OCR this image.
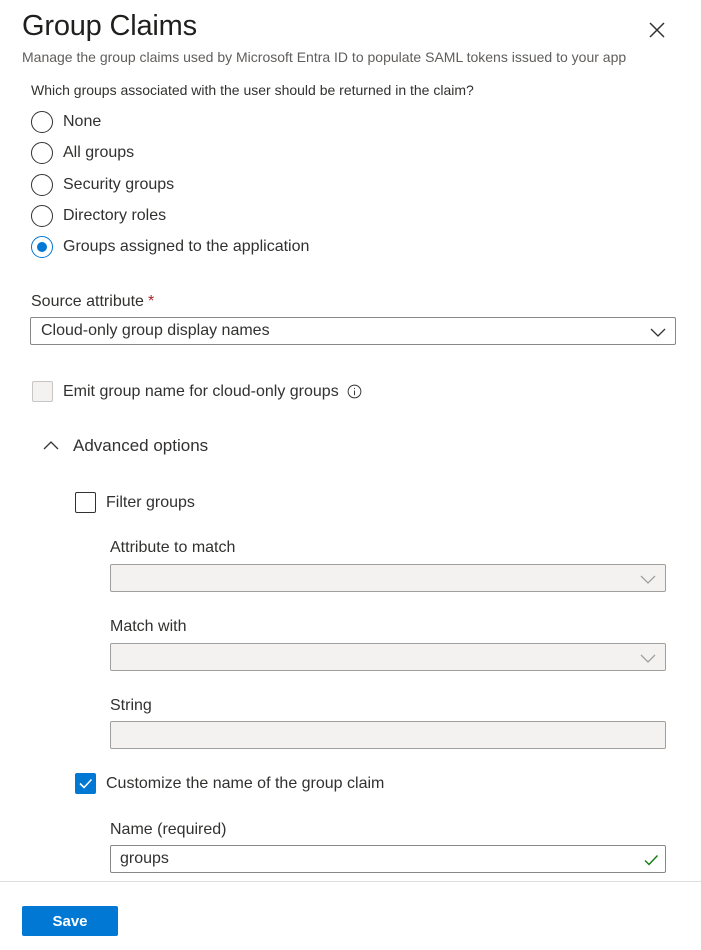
Group Claims
Manage the group claims used by Microsoft Entra ID to populate SAML tokens issued to your app
Which groups associated with the user should be returned in the claim?
None
All groups
Security groups
Directory roles
Groups assigned to the application
Source attribute *
Cloud-only group display names
Emit group name for cloud-only groups
Advanced options
Filter groups
Attribute to match
Match with
String
Customize the name of the group claim
Name (required)
groups
Save
